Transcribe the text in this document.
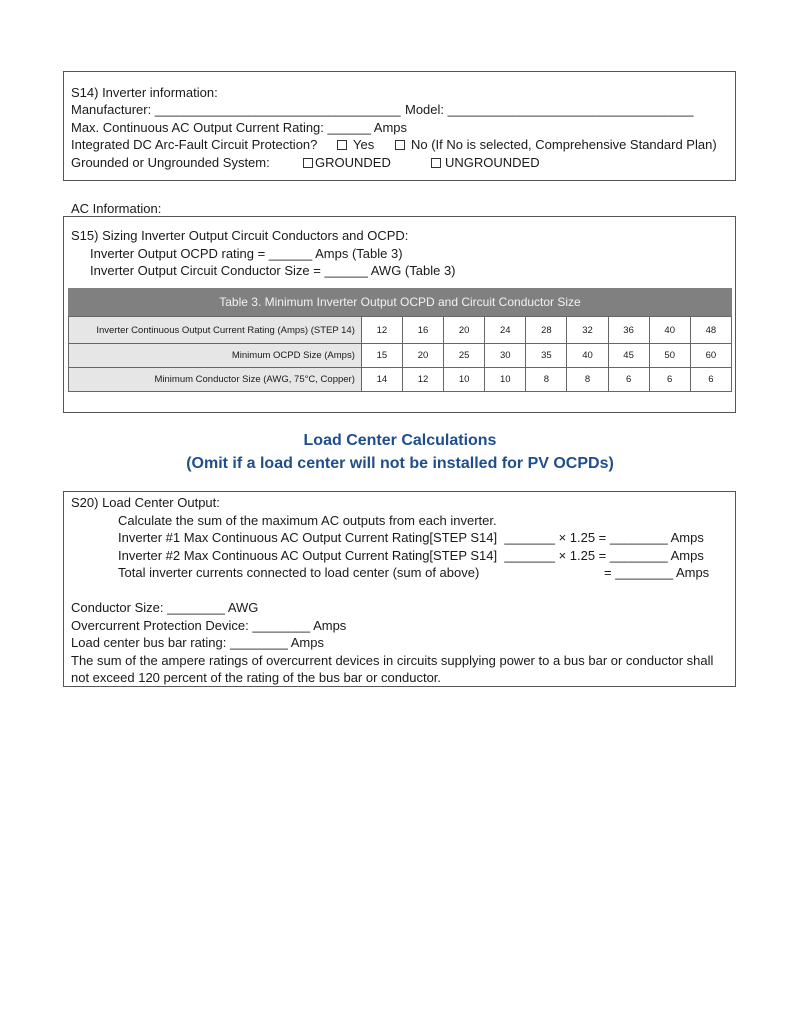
S14) Inverter information:
Manufacturer: __________________________________ Model: __________________________________
Max. Continuous AC Output Current Rating: ______ Amps
Integrated DC Arc-Fault Circuit Protection?	Yes	No (If No is selected, Comprehensive Standard Plan)
Grounded or Ungrounded System:	GROUNDED	UNGROUNDED
AC Information:
S15) Sizing Inverter Output Circuit Conductors and OCPD:
Inverter Output OCPD rating = ______ Amps (Table 3)
Inverter Output Circuit Conductor Size = ______ AWG (Table 3)
Table 3. Minimum Inverter Output OCPD and Circuit Conductor Size
Inverter Continuous Output Current Rating (Amps) (STEP 14)	12	16	20	24	28	32	36	40	48
Minimum OCPD Size (Amps)	15	20	25	30	35	40	45	50	60
Minimum Conductor Size (AWG, 75°C, Copper)	14	12	10	10	8	8	6	6	6
Load Center Calculations
(Omit if a load center will not be installed for PV OCPDs)
S20) Load Center Output:
Calculate the sum of the maximum AC outputs from each inverter.
Inverter #1 Max Continuous AC Output Current Rating[STEP S14]  _______ × 1.25 = ________ Amps
Inverter #2 Max Continuous AC Output Current Rating[STEP S14]  _______ × 1.25 = ________ Amps
Total inverter currents connected to load center (sum of above)	= ________ Amps
Conductor Size: ________ AWG
Overcurrent Protection Device: ________ Amps
Load center bus bar rating: ________ Amps
The sum of the ampere ratings of overcurrent devices in circuits supplying power to a bus bar or conductor shall
not exceed 120 percent of the rating of the bus bar or conductor.
